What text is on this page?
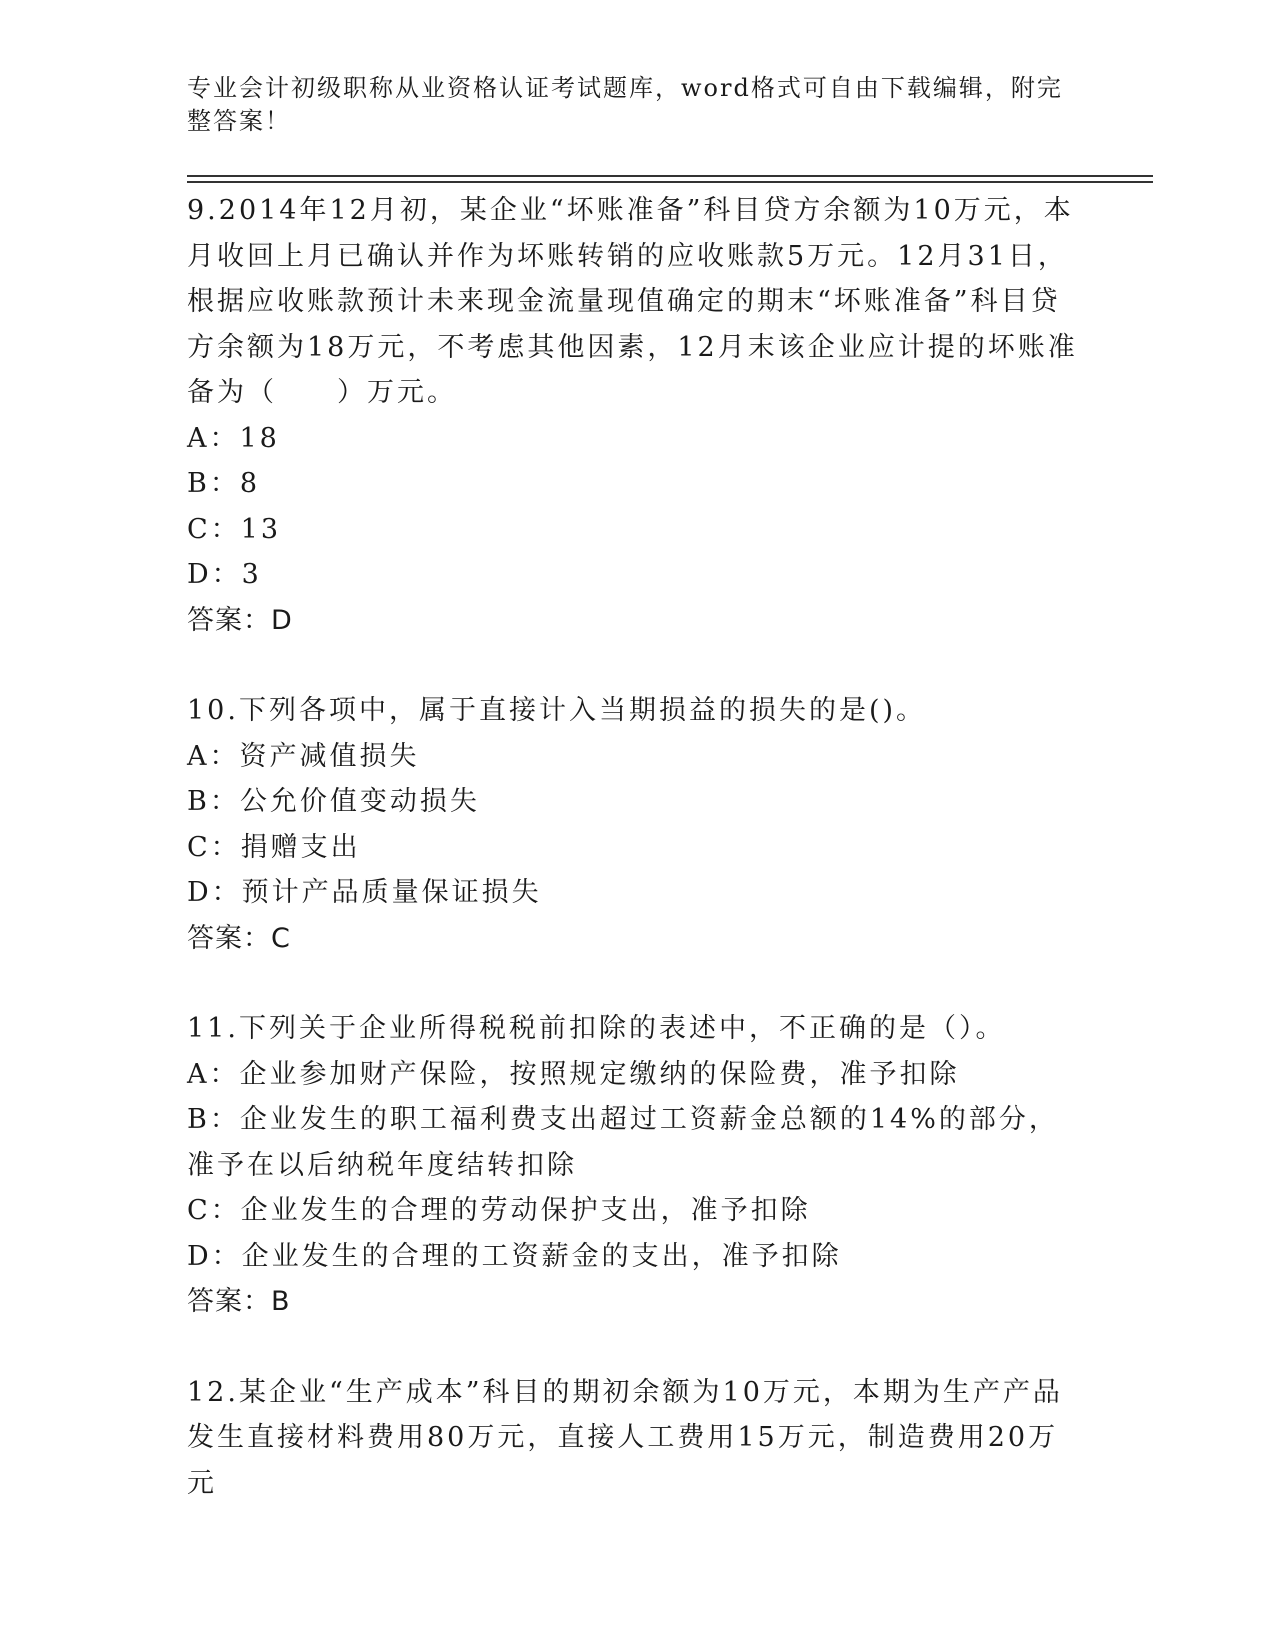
专业会计初级职称从业资格认证考试题库，word格式可自由下载编辑，附完整答案！
9.2014年12月初，某企业“坏账准备”科目贷方余额为10万元，本月收回上月已确认并作为坏账转销的应收账款5万元。12月31日，根据应收账款预计未来现金流量现值确定的期末“坏账准备”科目贷方余额为18万元，不考虑其他因素，12月末该企业应计提的坏账准备为（　　）万元。
A：18
B：8
C：13
D：3
答案：D
10.下列各项中，属于直接计入当期损益的损失的是()。
A：资产减值损失
B：公允价值变动损失
C：捐赠支出
D：预计产品质量保证损失
答案：C
11.下列关于企业所得税税前扣除的表述中，不正确的是（）。
A：企业参加财产保险，按照规定缴纳的保险费，准予扣除
B：企业发生的职工福利费支出超过工资薪金总额的14%的部分，准予在以后纳税年度结转扣除
C：企业发生的合理的劳动保护支出，准予扣除
D：企业发生的合理的工资薪金的支出，准予扣除
答案：B
12.某企业“生产成本”科目的期初余额为10万元，本期为生产产品发生直接材料费用80万元，直接人工费用15万元，制造费用20万元
